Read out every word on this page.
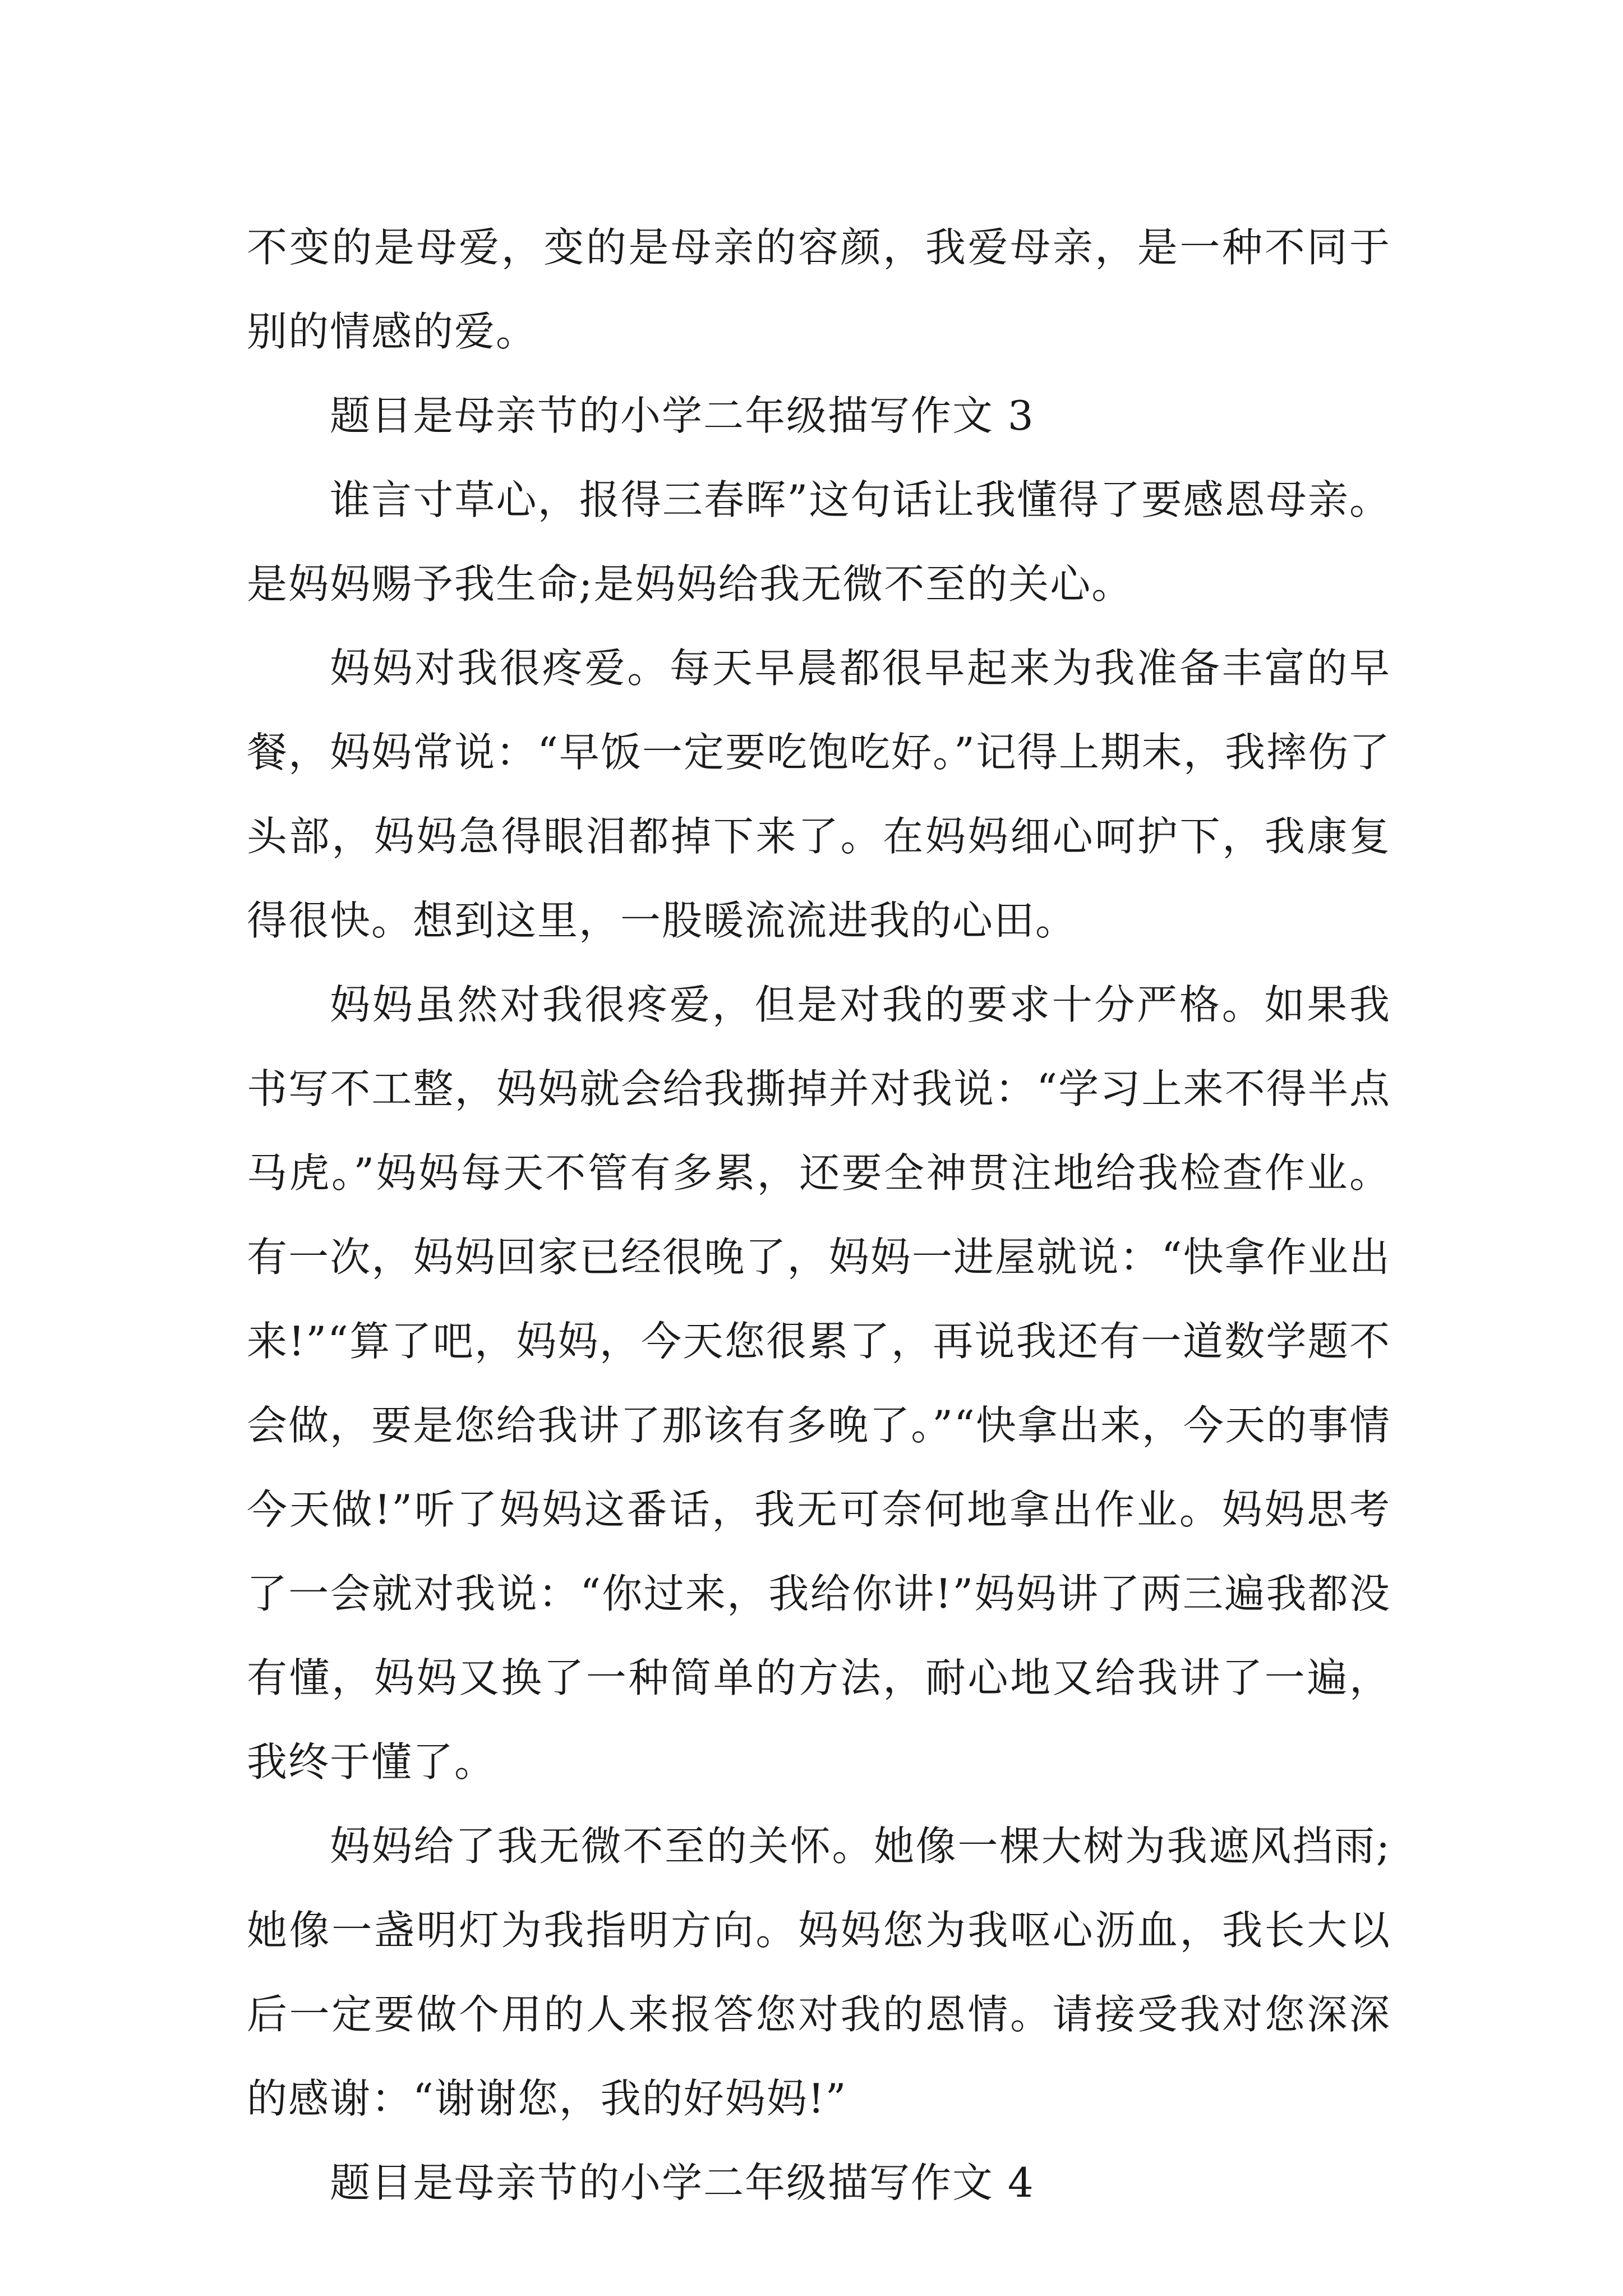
不变的是母爱，变的是母亲的容颜，我爱母亲，是一种不同于别的情感的爱。

题目是母亲节的小学二年级描写作文 3

谁言寸草心，报得三春晖”这句话让我懂得了要感恩母亲。是妈妈赐予我生命;是妈妈给我无微不至的关心。

妈妈对我很疼爱。每天早晨都很早起来为我准备丰富的早餐，妈妈常说：“早饭一定要吃饱吃好。”记得上期末，我摔伤了头部，妈妈急得眼泪都掉下来了。在妈妈细心呵护下，我康复得很快。想到这里，一股暖流流进我的心田。

妈妈虽然对我很疼爱，但是对我的要求十分严格。如果我书写不工整，妈妈就会给我撕掉并对我说：“学习上来不得半点马虎。”妈妈每天不管有多累，还要全神贯注地给我检查作业。有一次，妈妈回家已经很晚了，妈妈一进屋就说：“快拿作业出来!”“算了吧，妈妈，今天您很累了，再说我还有一道数学题不会做，要是您给我讲了那该有多晚了。”“快拿出来，今天的事情今天做!”听了妈妈这番话，我无可奈何地拿出作业。妈妈思考了一会就对我说：“你过来，我给你讲!”妈妈讲了两三遍我都没有懂，妈妈又换了一种简单的方法，耐心地又给我讲了一遍，我终于懂了。

妈妈给了我无微不至的关怀。她像一棵大树为我遮风挡雨;她像一盏明灯为我指明方向。妈妈您为我呕心沥血，我长大以后一定要做个用的人来报答您对我的恩情。请接受我对您深深的感谢：“谢谢您，我的好妈妈!”

题目是母亲节的小学二年级描写作文 4
